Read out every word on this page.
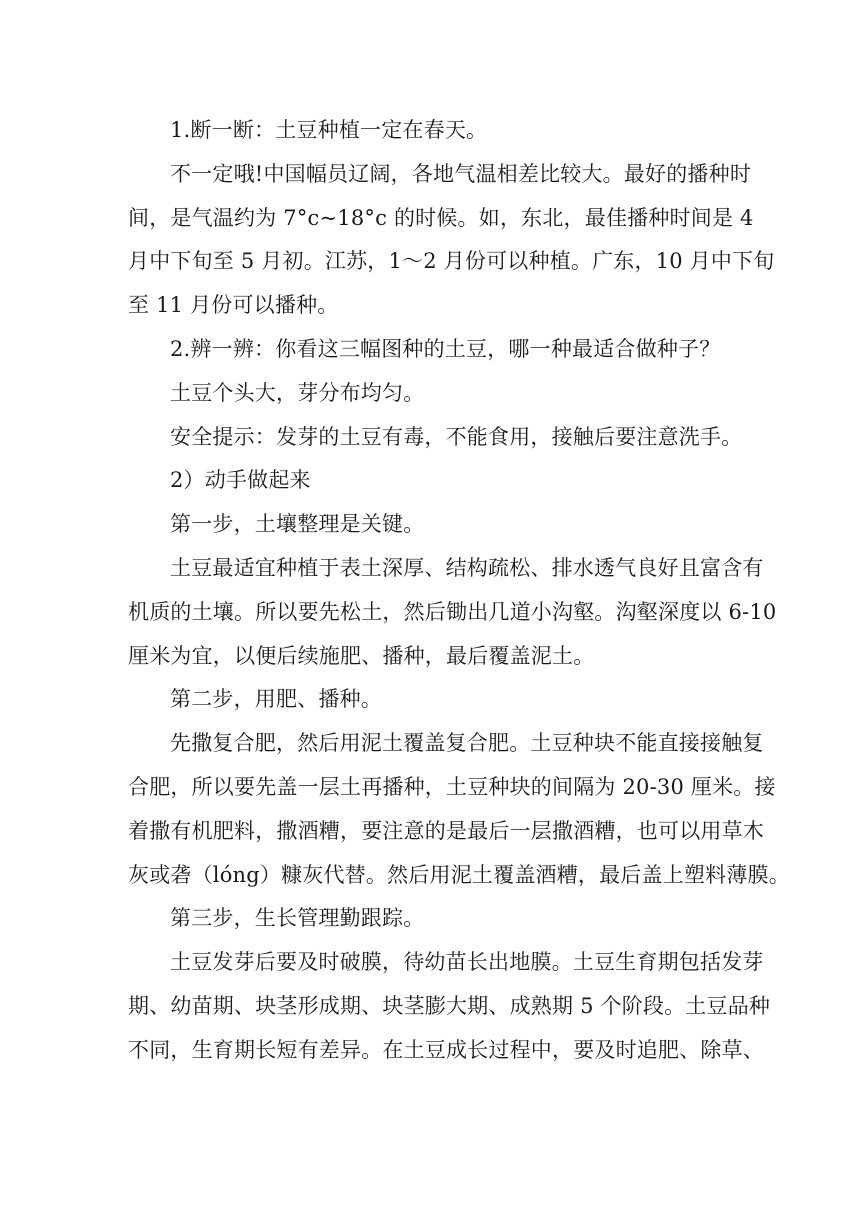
1.断一断：土豆种植一定在春天。

不一定哦!中国幅员辽阔，各地气温相差比较大。最好的播种时
间，是气温约为 7°c~18°c 的时候。如，东北，最佳播种时间是 4
月中下旬至 5 月初。江苏，1～2 月份可以种植。广东，10 月中下旬
至 11 月份可以播种。

2.辨一辨：你看这三幅图种的土豆，哪一种最适合做种子？

土豆个头大，芽分布均匀。

安全提示：发芽的土豆有毒，不能食用，接触后要注意洗手。

2）动手做起来

第一步，土壤整理是关键。

土豆最适宜种植于表土深厚、结构疏松、排水透气良好且富含有
机质的土壤。所以要先松土，然后锄出几道小沟壑。沟壑深度以 6-10
厘米为宜，以便后续施肥、播种，最后覆盖泥土。

第二步，用肥、播种。

先撒复合肥，然后用泥土覆盖复合肥。土豆种块不能直接接触复
合肥，所以要先盖一层土再播种，土豆种块的间隔为 20-30 厘米。接
着撒有机肥料，撒酒糟，要注意的是最后一层撒酒糟，也可以用草木
灰或砻（lóng）糠灰代替。然后用泥土覆盖酒糟，最后盖上塑料薄膜。

第三步，生长管理勤跟踪。

土豆发芽后要及时破膜，待幼苗长出地膜。土豆生育期包括发芽
期、幼苗期、块茎形成期、块茎膨大期、成熟期 5 个阶段。土豆品种
不同，生育期长短有差异。在土豆成长过程中，要及时追肥、除草、
